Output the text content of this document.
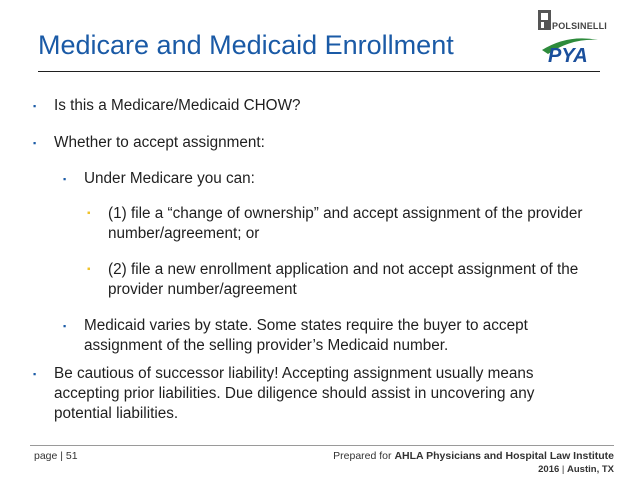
Medicare and Medicaid Enrollment
POLSINELLI
PYA
▪ Is this a Medicare/Medicaid CHOW?
▪ Whether to accept assignment:
▪ Under Medicare you can:
▪ (1) file a “change of ownership” and accept assignment of the provider number/agreement; or
▪ (2) file a new enrollment application and not accept assignment of the provider number/agreement
▪ Medicaid varies by state. Some states require the buyer to accept assignment of the selling provider’s Medicaid number.
▪ Be cautious of successor liability! Accepting assignment usually means accepting prior liabilities. Due diligence should assist in uncovering any potential liabilities.
page | 51	Prepared for AHLA Physicians and Hospital Law Institute
2016 | Austin, TX
